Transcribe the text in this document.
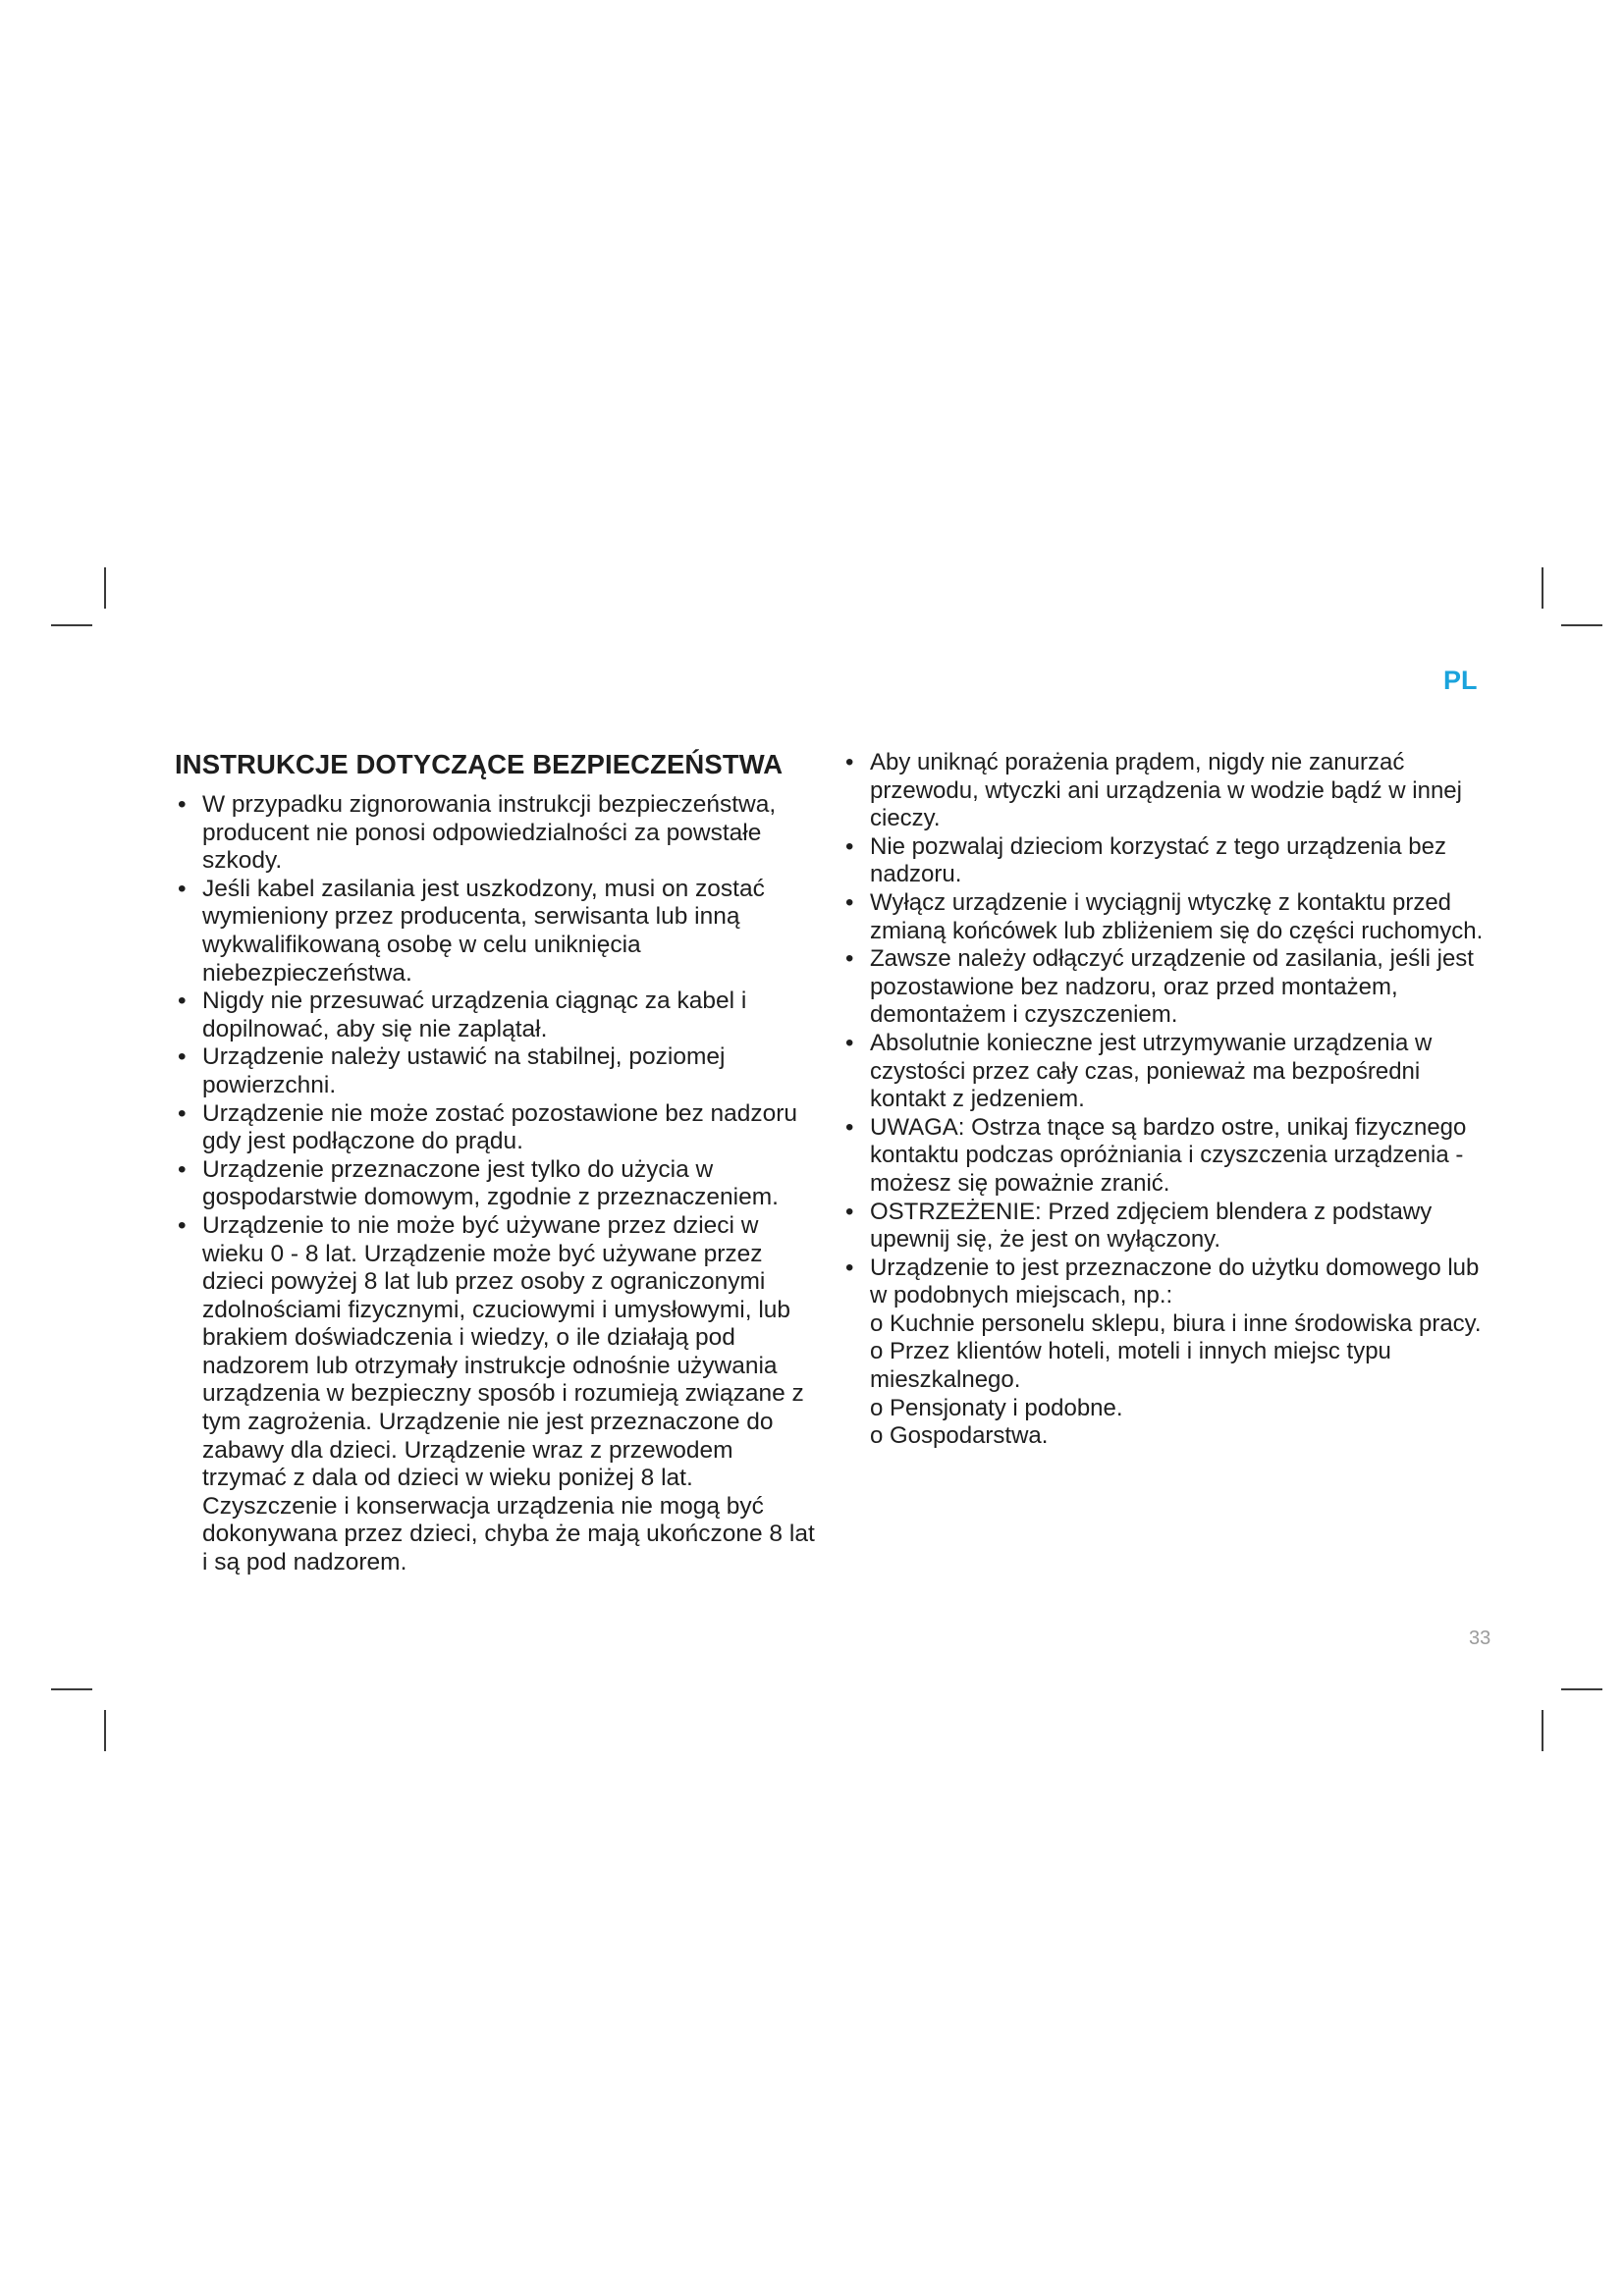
PL
INSTRUKCJE DOTYCZĄCE BEZPIECZEŃSTWA
• W przypadku zignorowania instrukcji bezpieczeństwa, producent nie ponosi odpowiedzialności za powstałe szkody.
• Jeśli kabel zasilania jest uszkodzony, musi on zostać wymieniony przez producenta, serwisanta lub inną wykwalifikowaną osobę w celu uniknięcia niebezpieczeństwa.
• Nigdy nie przesuwać urządzenia ciągnąc za kabel i dopilnować, aby się nie zaplątał.
• Urządzenie należy ustawić na stabilnej, poziomej powierzchni.
• Urządzenie nie może zostać pozostawione bez nadzoru gdy jest podłączone do prądu.
• Urządzenie przeznaczone jest tylko do użycia w gospodarstwie domowym, zgodnie z przeznaczeniem.
• Urządzenie to nie może być używane przez dzieci w wieku 0 - 8 lat. Urządzenie może być używane przez dzieci powyżej 8 lat lub przez osoby z ograniczonymi zdolnościami fizycznymi, czuciowymi i umysłowymi, lub brakiem doświadczenia i wiedzy, o ile działają pod nadzorem lub otrzymały instrukcje odnośnie używania urządzenia w bezpieczny sposób i rozumieją związane z tym zagrożenia. Urządzenie nie jest przeznaczone do zabawy dla dzieci. Urządzenie wraz z przewodem trzymać z dala od dzieci w wieku poniżej 8 lat. Czyszczenie i konserwacja urządzenia nie mogą być dokonywana przez dzieci, chyba że mają ukończone 8 lat i są pod nadzorem.
• Aby uniknąć porażenia prądem, nigdy nie zanurzać przewodu, wtyczki ani urządzenia w wodzie bądź w innej cieczy.
• Nie pozwalaj dzieciom korzystać z tego urządzenia bez nadzoru.
• Wyłącz urządzenie i wyciągnij wtyczkę z kontaktu przed zmianą końcówek lub zbliżeniem się do części ruchomych.
• Zawsze należy odłączyć urządzenie od zasilania, jeśli jest pozostawione bez nadzoru, oraz przed montażem, demontażem i czyszczeniem.
• Absolutnie konieczne jest utrzymywanie urządzenia w czystości przez cały czas, ponieważ ma bezpośredni kontakt z jedzeniem.
• UWAGA: Ostrza tnące są bardzo ostre, unikaj fizycznego kontaktu podczas opróżniania i czyszczenia urządzenia - możesz się poważnie zranić.
• OSTRZEŻENIE: Przed zdjęciem blendera z podstawy upewnij się, że jest on wyłączony.
• Urządzenie to jest przeznaczone do użytku domowego lub w podobnych miejscach, np.:
o Kuchnie personelu sklepu, biura i inne środowiska pracy.
o Przez klientów hoteli, moteli i innych miejsc typu mieszkalnego.
o Pensjonaty i podobne.
o Gospodarstwa.
33
